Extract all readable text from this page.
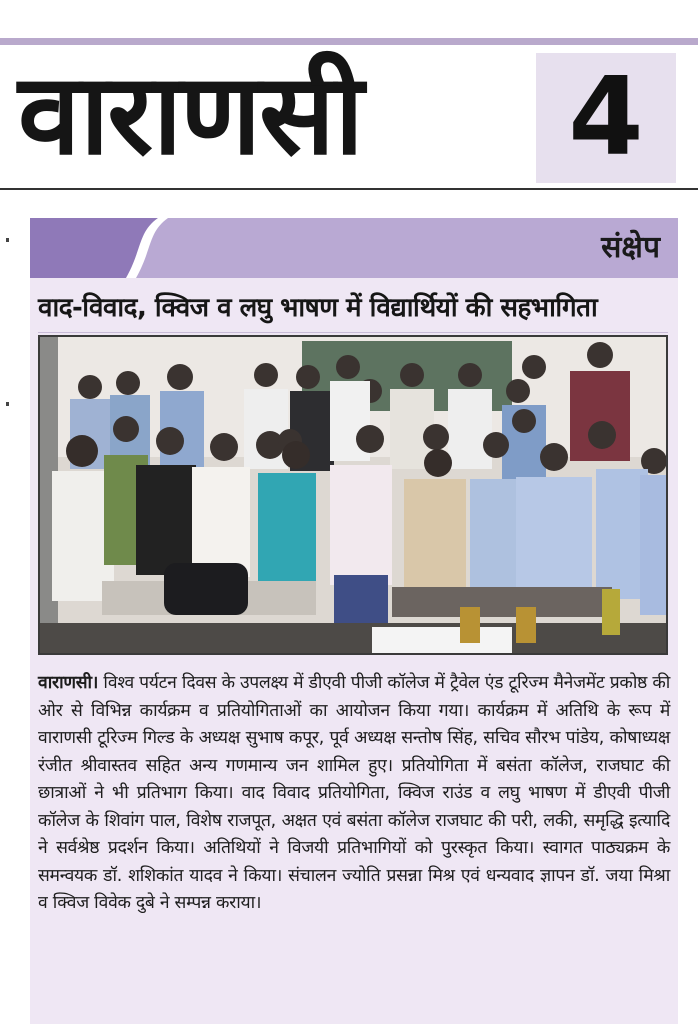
वाराणसी	4
संक्षेप
वाद-विवाद, क्विज व लघु भाषण में विद्यार्थियों की सहभागिता
वाराणसी। विश्व पर्यटन दिवस के उपलक्ष्य में डीएवी पीजी कॉलेज में ट्रैवेल एंड टूरिज्म मैनेजमेंट प्रकोष्ठ की ओर से विभिन्न कार्यक्रम व प्रतियोगिताओं का आयोजन किया गया। कार्यक्रम में अतिथि के रूप में वाराणसी टूरिज्म गिल्ड के अध्यक्ष सुभाष कपूर, पूर्व अध्यक्ष सन्तोष सिंह, सचिव सौरभ पांडेय, कोषाध्यक्ष रंजीत श्रीवास्तव सहित अन्य गणमान्य जन शामिल हुए। प्रतियोगिता में बसंता कॉलेज, राजघाट की छात्राओं ने भी प्रतिभाग किया। वाद विवाद प्रतियोगिता, क्विज राउंड व लघु भाषण में डीएवी पीजी कॉलेज के शिवांग पाल, विशेष राजपूत, अक्षत एवं बसंता कॉलेज राजघाट की परी, लकी, समृद्धि इत्यादि ने सर्वश्रेष्ठ प्रदर्शन किया। अतिथियों ने विजयी प्रतिभागियों को पुरस्कृत किया। स्वागत पाठ्यक्रम के समन्वयक डॉ. शशिकांत यादव ने किया। संचालन ज्योति प्रसन्ना मिश्र एवं धन्यवाद ज्ञापन डॉ. जया मिश्रा व क्विज विवेक दुबे ने सम्पन्न कराया।
